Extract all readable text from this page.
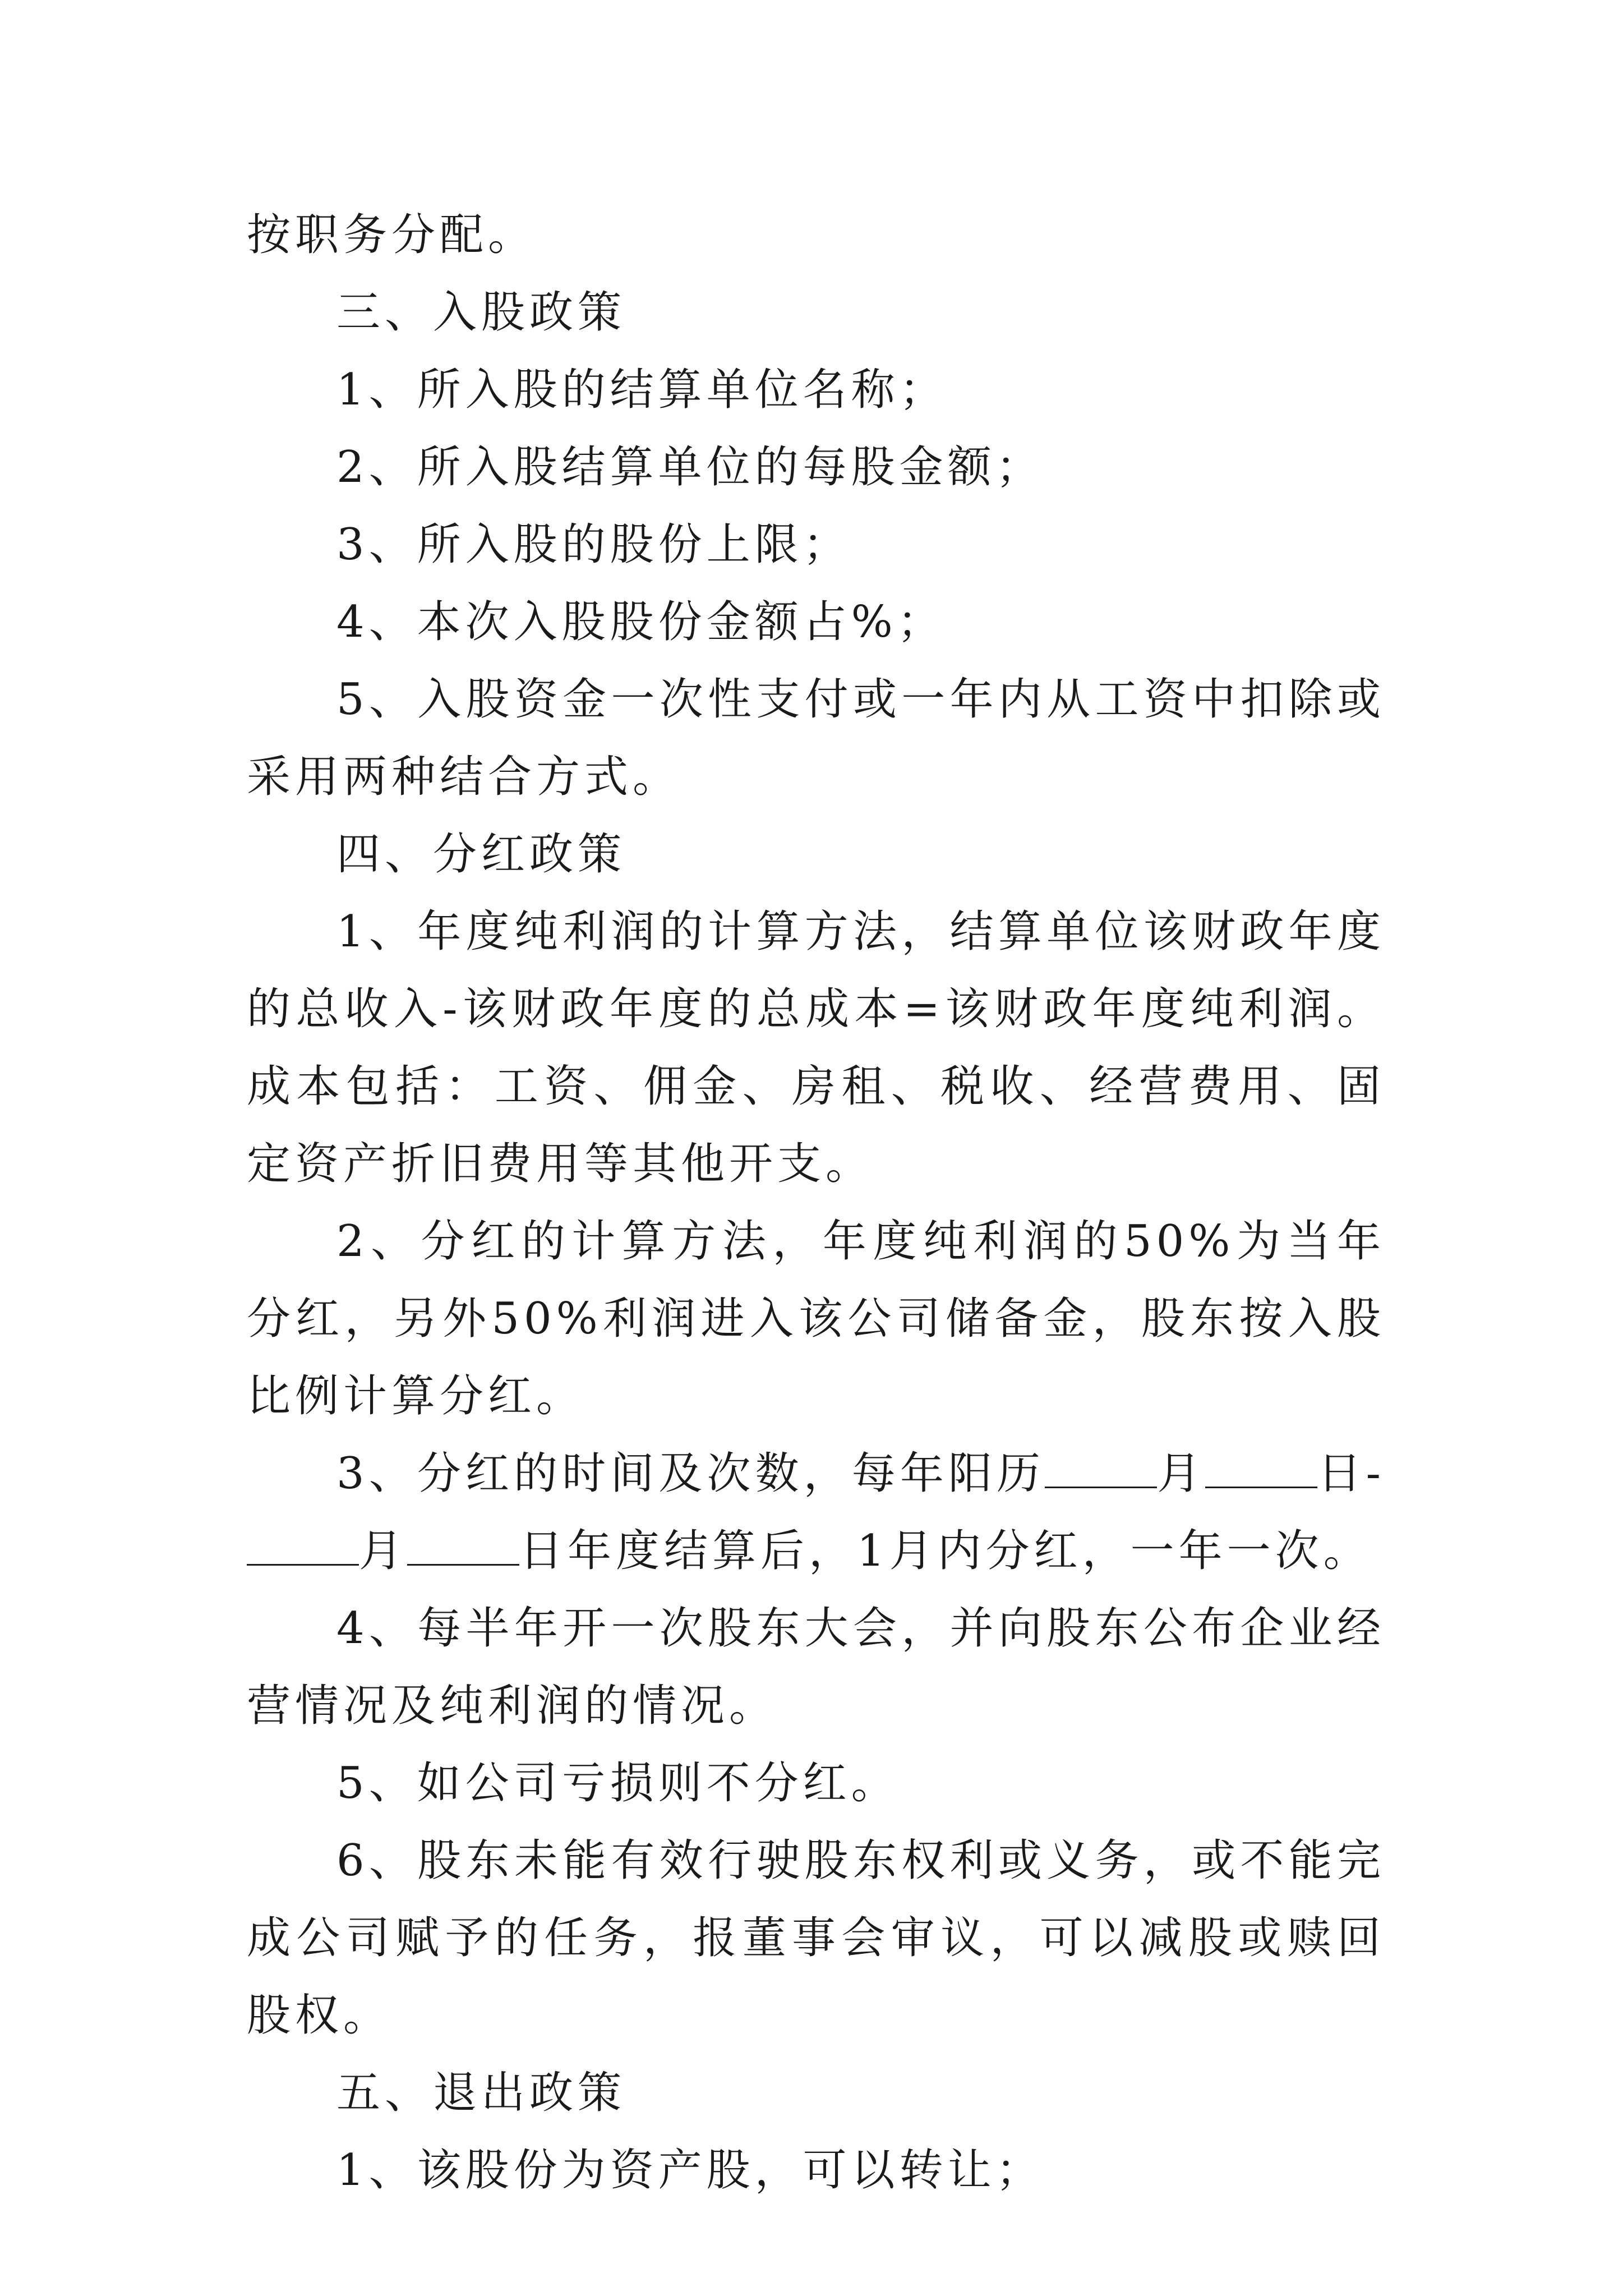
按职务分配。

三、入股政策

1、所入股的结算单位名称；

2、所入股结算单位的每股金额；

3、所入股的股份上限；

4、本次入股股份金额占%；

5、入股资金一次性支付或一年内从工资中扣除或采用两种结合方式。

四、分红政策

1、年度纯利润的计算方法，结算单位该财政年度的总收入-该财政年度的总成本=该财政年度纯利润。成本包括：工资、佣金、房租、税收、经营费用、固定资产折旧费用等其他开支。

2、分红的计算方法，年度纯利润的50%为当年分红，另外50%利润进入该公司储备金，股东按入股比例计算分红。

3、分红的时间及次数，每年阳历	月	日-月	日年度结算后，1月内分红，一年一次。

4、每半年开一次股东大会，并向股东公布企业经营情况及纯利润的情况。

5、如公司亏损则不分红。

6、股东未能有效行驶股东权利或义务，或不能完成公司赋予的任务，报董事会审议，可以减股或赎回股权。

五、退出政策

1、该股份为资产股，可以转让；
